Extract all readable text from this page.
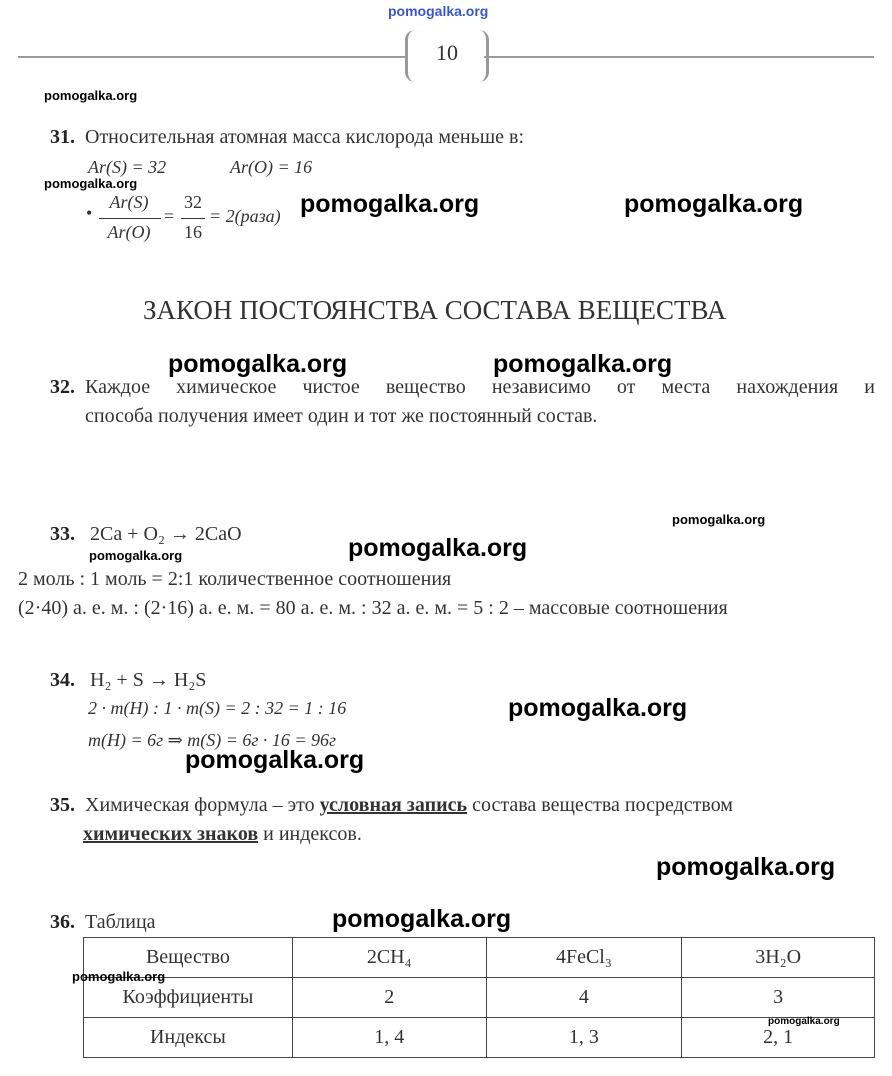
pomogalka.org
10
pomogalka.org
31. Относительная атомная масса кислорода меньше в:
Ar(S) = 32	Ar(O) = 16
pomogalka.org
•
Ar(S)
Ar(O)
=
32
16
= 2(раза) pomogalka.org	pomogalka.org
ЗАКОН ПОСТОЯНСТВА СОСТАВА ВЕЩЕСТВА
pomogalka.org	pomogalka.org
32. Каждое химическое чистое вещество независимо от места нахождения и
способа получения имеет один и тот же постоянный состав.
pomogalka.org
33. 2Ca + O₂ → 2CaO
pomogalka.org	pomogalka.org
2 моль : 1 моль = 2:1 количественное соотношения
(2·40) а. е. м. : (2·16) а. е. м. = 80 а. е. м. : 32 а. е. м. = 5 : 2 – массовые соотношения
34. H₂ + S → H₂S
2 · m(H) : 1 · m(S) = 2 : 32 = 1 : 16	pomogalka.org
m(H) = 6г ⇒ m(S) = 6г · 16 = 96г
pomogalka.org
35. Химическая формула – это условная запись состава вещества посредством
химических знаков и индексов.
pomogalka.org
36. Таблица	pomogalka.org
Вещество	2CH₄	4FeCl₃	3H₂O
Коэффициенты	2	4	3
Индексы	1, 4	1, 3	2, 1
pomogalka.org
pomogalka.org
